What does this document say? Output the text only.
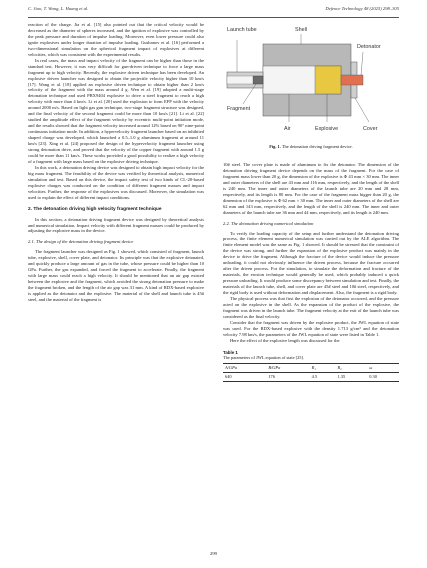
C. Jiao, T. Wang, L. Huang et al.	Defence Technology 48 (2025) 298–305

reaction of the charge. Jia et al. [15] also pointed out that the critical velocity would be decreased as the diameter of spheres increased, and the ignition of explosive was controlled by the peak pressure and duration of impulse loading. Moreover, even lower pressure could also ignite explosives under longer duration of impulse loading. Gushanov et al. [16] performed a two-dimensional simulation on the spherical fragment impact of explosives at different velocities, which was consistent with the experimental results.

In real cases, the mass and impact velocity of the fragment can be higher than those in the standard test. However, it was very difficult for gun-driven technique to force a large mass fragment up to high velocity. Recently, the explosive driven technique has been developed. An explosive driven launcher was designed to obtain the projectile velocity higher than 10 km/s [17]. Wang et al. [18] applied an explosive driven technique to obtain higher than 2 km/s velocity of the fragment with the mass around 4 g. Wen et al. [19] adopted a multi-stage detonation technique and used PBX9404 explosive to drive a steel fragment to reach a high velocity with more than 4 km/s. Li et al. [20] used the explosion to form EFP with the velocity around 2000 m/s. Based on light gas gun technique, two-stage fragment structure was designed, and the final velocity of the second fragment could be more than 10 km/s [21]. Li et al. [22] studied the amplitude effect of the fragment velocity by eccentric multi-point initiation mode, and the results showed that the fragment velocity increased around 12% based on 90° nine-point continuous initiation mode. In addition, a hypervelocity fragment launcher based on an inhibited shaped charge was developed, which launched a 0.5–1.0 g aluminum fragment at around 11 km/s [23]. Xing et al. [24] proposed the design of the hypervelocity fragment launcher using strong detonation drive, and proved that the velocity of the copper fragment with around 1.5 g could be more than 11 km/s. These works provided a good possibility to realize a high velocity of a fragment with large mass based on the explosive driving technique.

In this work, a detonation driving device was designed to obtain high impact velocity for the big mass fragment. The feasibility of the device was verified by theoretical analysis, numerical simulation and test. Based on this device, the impact safety test of two kinds of CL-20-based explosive charges was conducted on the condition of different fragment masses and impact velocities. Further, the response of the explosives was discussed. Moreover, the simulation was used to explain the effect of different impact conditions.

2. The detonation driving high velocity fragment technique

In this section, a detonation driving fragment device was designed by theoretical analysis and numerical simulation. Impact velocity with different fragment masses could be produced by adjusting the explosive mass in the device.

2.1. The design of the detonation driving fragment device

The fragment launcher was designed as Fig. 1 showed, which consisted of fragment, launch tube, explosive, shell, cover plate, and detonator. Its principle was that the explosive detonated, and quickly produce a large amount of gas in the tube, whose pressure could be higher than 10 GPa. Further, the gas expanded, and forced the fragment to accelerate. Finally, the fragment with large mass could reach a high velocity. It should be mentioned that an air gap existed between the explosive and the fragment, which avoided the strong detonation pressure to make the fragment broken, and the length of the air gap was 31 mm. A kind of RDX-based explosive is applied as the detonator and the explosive. The material of the shell and launch tube is 45# steel, and the material of the fragment is

Launch tube	Shell
Detonator
Fragment
Air	Explosive	Cover
Fig. 1. The detonation driving fragment device.

10# steel. The cover plate is made of aluminum to fix the detonator. The dimension of the detonation driving fragment device depends on the mass of the fragment. For the case of fragment mass lower than 20 g, the dimension of the explosive is Φ 43 mm × 30 mm. The inner and outer diameters of the shell are 43 mm and 116 mm, respectively, and the length of the shell is 240 mm. The inner and outer diameters of the launch tube are 20 mm and 28 mm, respectively, and its length is 80 mm. For the case of the fragment mass bigger than 20 g, the dimension of the explosive is Φ 62 mm × 30 mm. The inner and outer diameters of the shell are 62 mm and 143 mm, respectively, and the length of the shell is 240 mm. The inner and outer diameters of the launch tube are 36 mm and 44 mm, respectively, and its length is 240 mm.

2.2. The detonation driving numerical simulation

To verify the loading capacity of the setup and further understand the detonation driving process, the finite element numerical simulation was carried out by the ALE algorithm. The finite element model was the same as Fig. 1 showed. It should be stressed that the constraint of the device was strong, and further the expansion of the explosive product was mainly in the device to drive the fragment. Although the fracture of the device would induce the pressure unloading, it could not obviously influence the driven process, because the fracture occurred after the driven process. For the simulation, to simulate the deformation and fracture of the materials, the erosion technique would generally be used, which probably induced a quick pressure unloading. It would produce some discrepancy between simulation and test. Finally, the materials of the launch tube, shell, and cover plate are 45# steel and 10# steel, respectively, and the rigid body is used without deformation and displacement. Also, the fragment is a rigid body.

The physical process was that first the explosion of the detonator occurred, and the pressure acted on the explosive in the shell. As the expansion of the product of the explosive, the fragment was driven in the launch tube. The fragment velocity at the exit of the launch tube was considered as the final velocity.

Consider that the fragment was driven by the explosive product, the JWL equation of state was used. For the RDX-based explosive with the density 1.713 g/cm³ and the detonation velocity 7.98 km/s, the parameters of the JWL equation of state were listed in Table 1.

Here the effect of the explosive length was discussed for the

Table 1
The parameters of JWL equation of state [25].
A/GPa	B/GPa	R₁	R₂	ω
640	176	4.5	1.35	0.30
299
